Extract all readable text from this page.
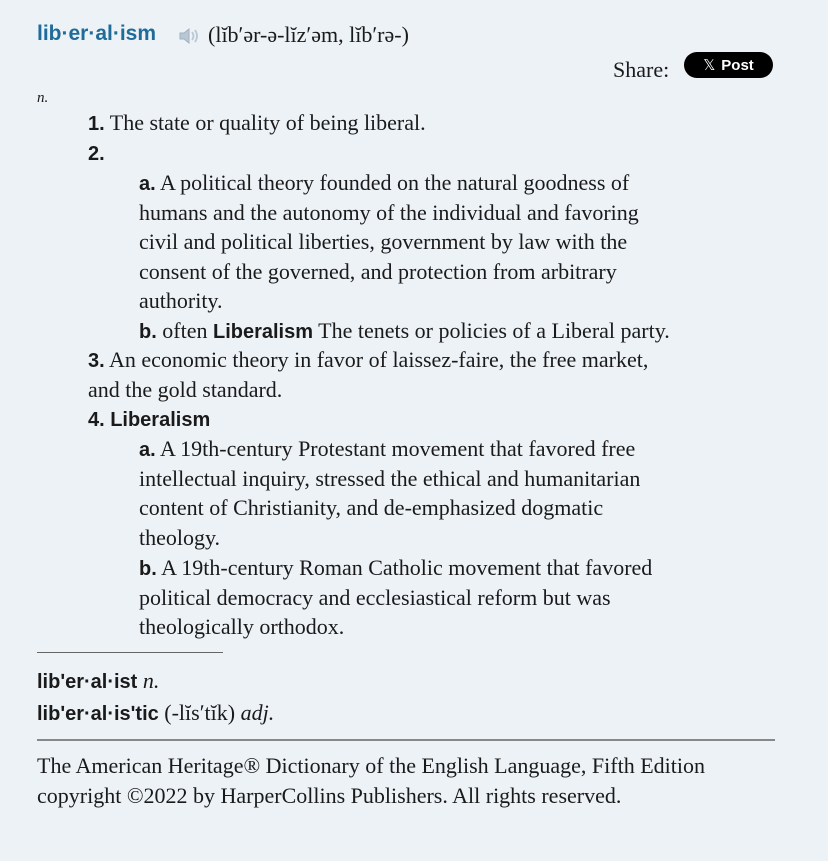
lib·er·al·ism (lĭbʹər-ə-lĭzʹəm, lĭbʹrə-)
Share: 𝕏 Post
n.
1. The state or quality of being liberal.
2.
a. A political theory founded on the natural goodness of
humans and the autonomy of the individual and favoring
civil and political liberties, government by law with the
consent of the governed, and protection from arbitrary
authority.
b. often Liberalism The tenets or policies of a Liberal party.
3. An economic theory in favor of laissez-faire, the free market,
and the gold standard.
4. Liberalism
a. A 19th-century Protestant movement that favored free
intellectual inquiry, stressed the ethical and humanitarian
content of Christianity, and de-emphasized dogmatic
theology.
b. A 19th-century Roman Catholic movement that favored
political democracy and ecclesiastical reform but was
theologically orthodox.
libʹer·al·ist n.
libʹer·al·isʹtic (-lĭsʹtĭk) adj.
The American Heritage® Dictionary of the English Language, Fifth Edition copyright ©2022 by HarperCollins Publishers. All rights reserved.
